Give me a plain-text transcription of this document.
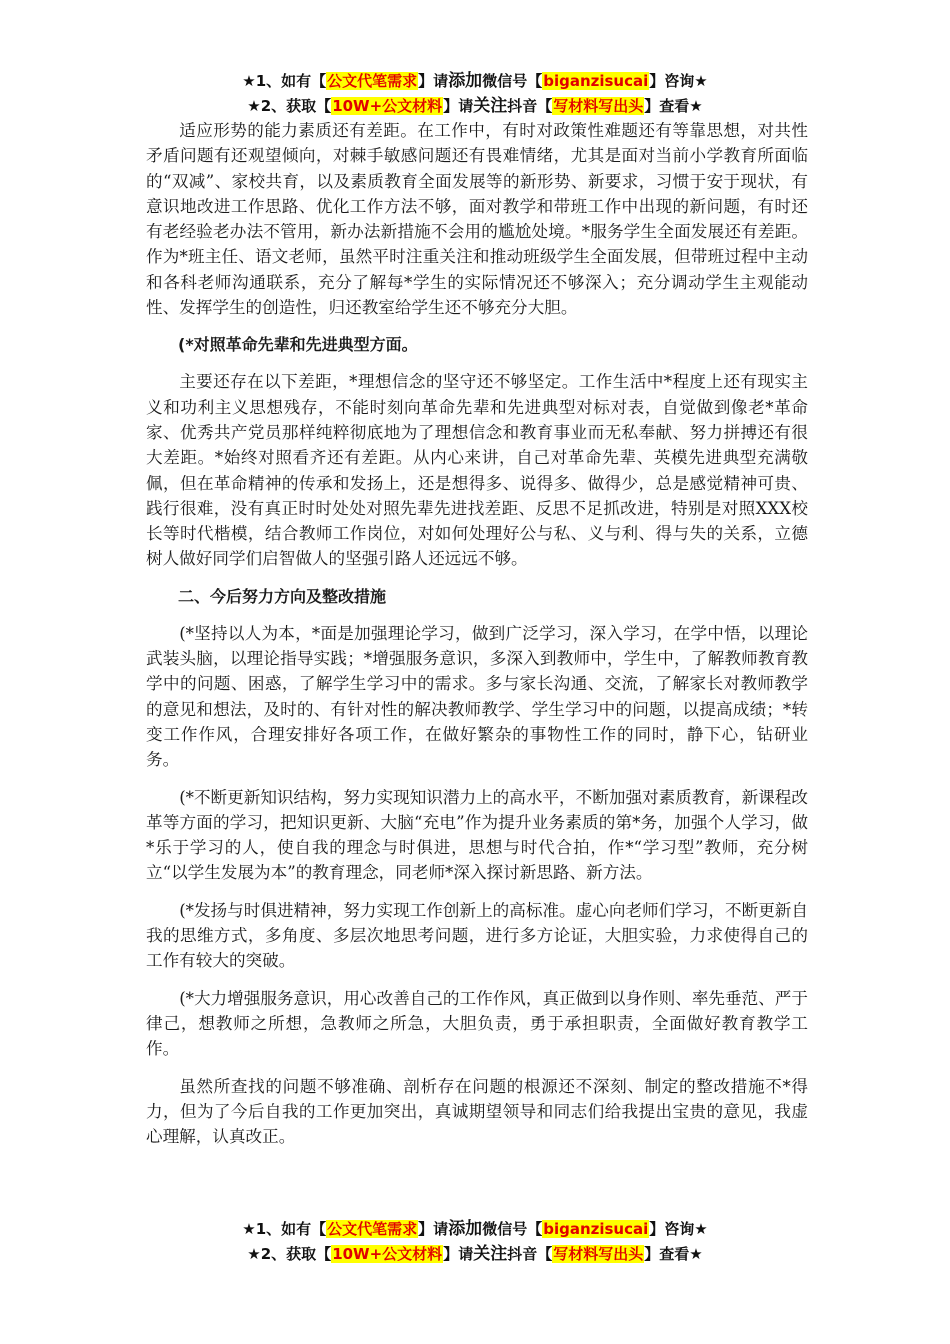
★1、如有【公文代笔需求】请添加微信号【biganzisucai】咨询★
★2、获取【10W+公文材料】请关注抖音【写材料写出头】查看★

适应形势的能力素质还有差距。在工作中，有时对政策性难题还有等靠思想，对共性矛盾问题有还观望倾向，对棘手敏感问题还有畏难情绪，尤其是面对当前小学教育所面临的“双减”、家校共育，以及素质教育全面发展等的新形势、新要求，习惯于安于现状，有意识地改进工作思路、优化工作方法不够，面对教学和带班工作中出现的新问题，有时还有老经验老办法不管用，新办法新措施不会用的尴尬处境。*服务学生全面发展还有差距。作为*班主任、语文老师，虽然平时注重关注和推动班级学生全面发展，但带班过程中主动和各科老师沟通联系，充分了解每*学生的实际情况还不够深入；充分调动学生主观能动性、发挥学生的创造性，归还教室给学生还不够充分大胆。

(*对照革命先辈和先进典型方面。

主要还存在以下差距，*理想信念的坚守还不够坚定。工作生活中*程度上还有现实主义和功利主义思想残存，不能时刻向革命先辈和先进典型对标对表，自觉做到像老*革命家、优秀共产党员那样纯粹彻底地为了理想信念和教育事业而无私奉献、努力拼搏还有很大差距。*始终对照看齐还有差距。从内心来讲，自己对革命先辈、英模先进典型充满敬佩，但在革命精神的传承和发扬上，还是想得多、说得多、做得少，总是感觉精神可贵、践行很难，没有真正时时处处对照先辈先进找差距、反思不足抓改进，特别是对照XXX校长等时代楷模，结合教师工作岗位，对如何处理好公与私、义与利、得与失的关系，立德树人做好同学们启智做人的坚强引路人还远远不够。

二、今后努力方向及整改措施

(*坚持以人为本，*面是加强理论学习，做到广泛学习，深入学习，在学中悟，以理论武装头脑，以理论指导实践；*增强服务意识，多深入到教师中，学生中，了解教师教育教学中的问题、困惑，了解学生学习中的需求。多与家长沟通、交流，了解家长对教师教学的意见和想法，及时的、有针对性的解决教师教学、学生学习中的问题，以提高成绩；*转变工作作风，合理安排好各项工作，在做好繁杂的事物性工作的同时，静下心，钻研业务。

(*不断更新知识结构，努力实现知识潜力上的高水平，不断加强对素质教育，新课程改革等方面的学习，把知识更新、大脑“充电”作为提升业务素质的第*务，加强个人学习，做*乐于学习的人，使自我的理念与时俱进，思想与时代合拍，作*“学习型”教师，充分树立“以学生发展为本”的教育理念，同老师*深入探讨新思路、新方法。

(*发扬与时俱进精神，努力实现工作创新上的高标准。虚心向老师们学习，不断更新自我的思维方式，多角度、多层次地思考问题，进行多方论证，大胆实验，力求使得自己的工作有较大的突破。

(*大力增强服务意识，用心改善自己的工作作风，真正做到以身作则、率先垂范、严于律己，想教师之所想，急教师之所急，大胆负责，勇于承担职责，全面做好教育教学工作。

虽然所查找的问题不够准确、剖析存在问题的根源还不深刻、制定的整改措施不*得力，但为了今后自我的工作更加突出，真诚期望领导和同志们给我提出宝贵的意见，我虚心理解，认真改正。

★1、如有【公文代笔需求】请添加微信号【biganzisucai】咨询★
★2、获取【10W+公文材料】请关注抖音【写材料写出头】查看★
